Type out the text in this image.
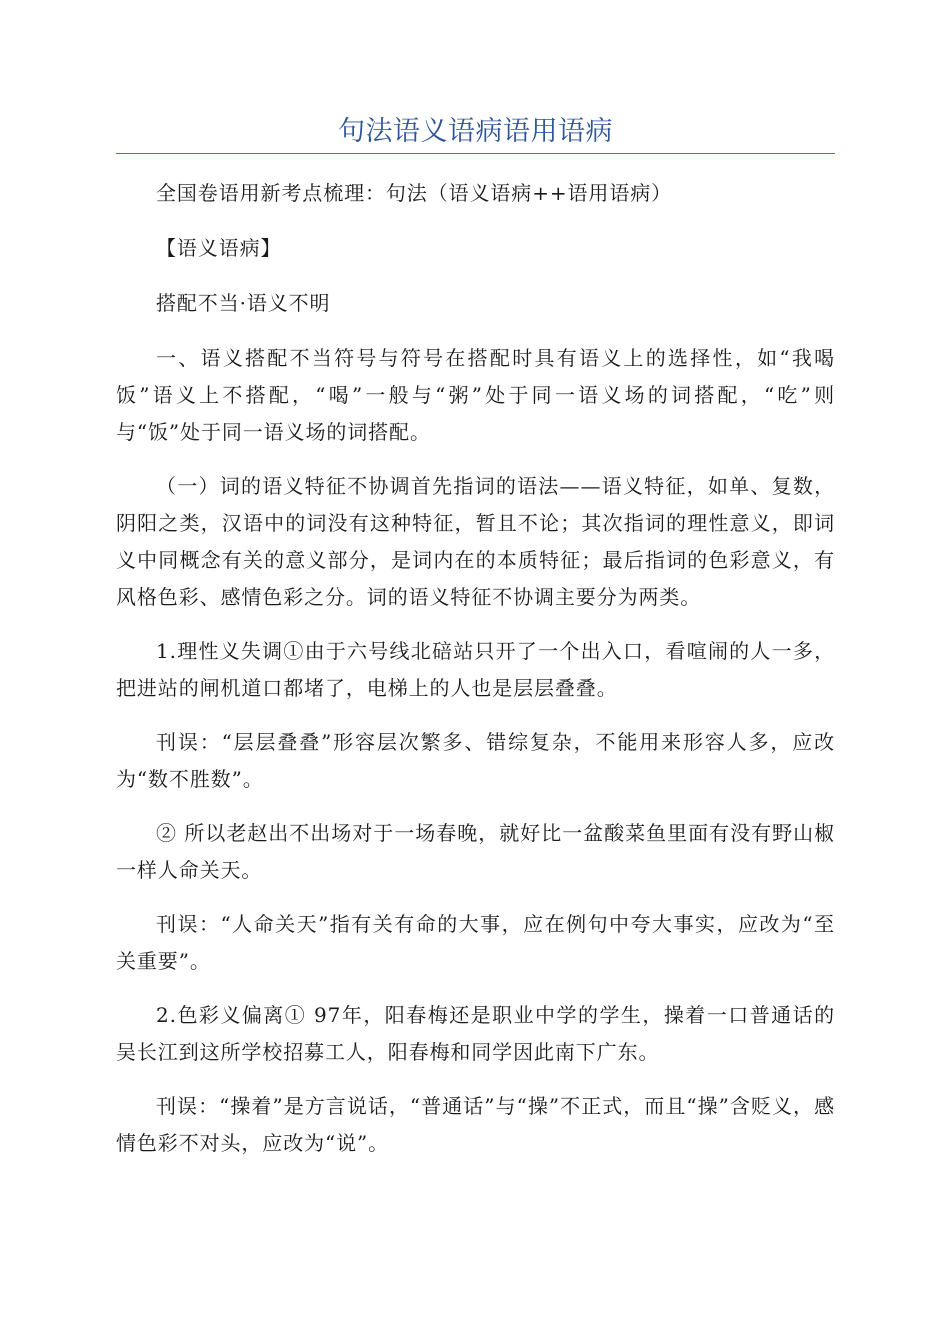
句法语义语病语用语病

全国卷语用新考点梳理：句法（语义语病++语用语病）

【语义语病】

搭配不当·语义不明

一、语义搭配不当符号与符号在搭配时具有语义上的选择性，如“我喝饭”语义上不搭配，“喝”一般与“粥”处于同一语义场的词搭配，“吃”则与“饭”处于同一语义场的词搭配。

（一）词的语义特征不协调首先指词的语法——语义特征，如单、复数，阴阳之类，汉语中的词没有这种特征，暂且不论；其次指词的理性意义，即词义中同概念有关的意义部分，是词内在的本质特征；最后指词的色彩意义，有风格色彩、感情色彩之分。词的语义特征不协调主要分为两类。

1.理性义失调①由于六号线北碚站只开了一个出入口，看喧闹的人一多，把进站的闸机道口都堵了，电梯上的人也是层层叠叠。

刊误：“层层叠叠”形容层次繁多、错综复杂，不能用来形容人多，应改为“数不胜数”。

② 所以老赵出不出场对于一场春晚，就好比一盆酸菜鱼里面有没有野山椒一样人命关天。

刊误：“人命关天”指有关有命的大事，应在例句中夸大事实，应改为“至关重要”。

2.色彩义偏离① 97年，阳春梅还是职业中学的学生，操着一口普通话的吴长江到这所学校招募工人，阳春梅和同学因此南下广东。

刊误：“操着”是方言说话，“普通话”与“操”不正式，而且“操”含贬义，感情色彩不对头，应改为“说”。
